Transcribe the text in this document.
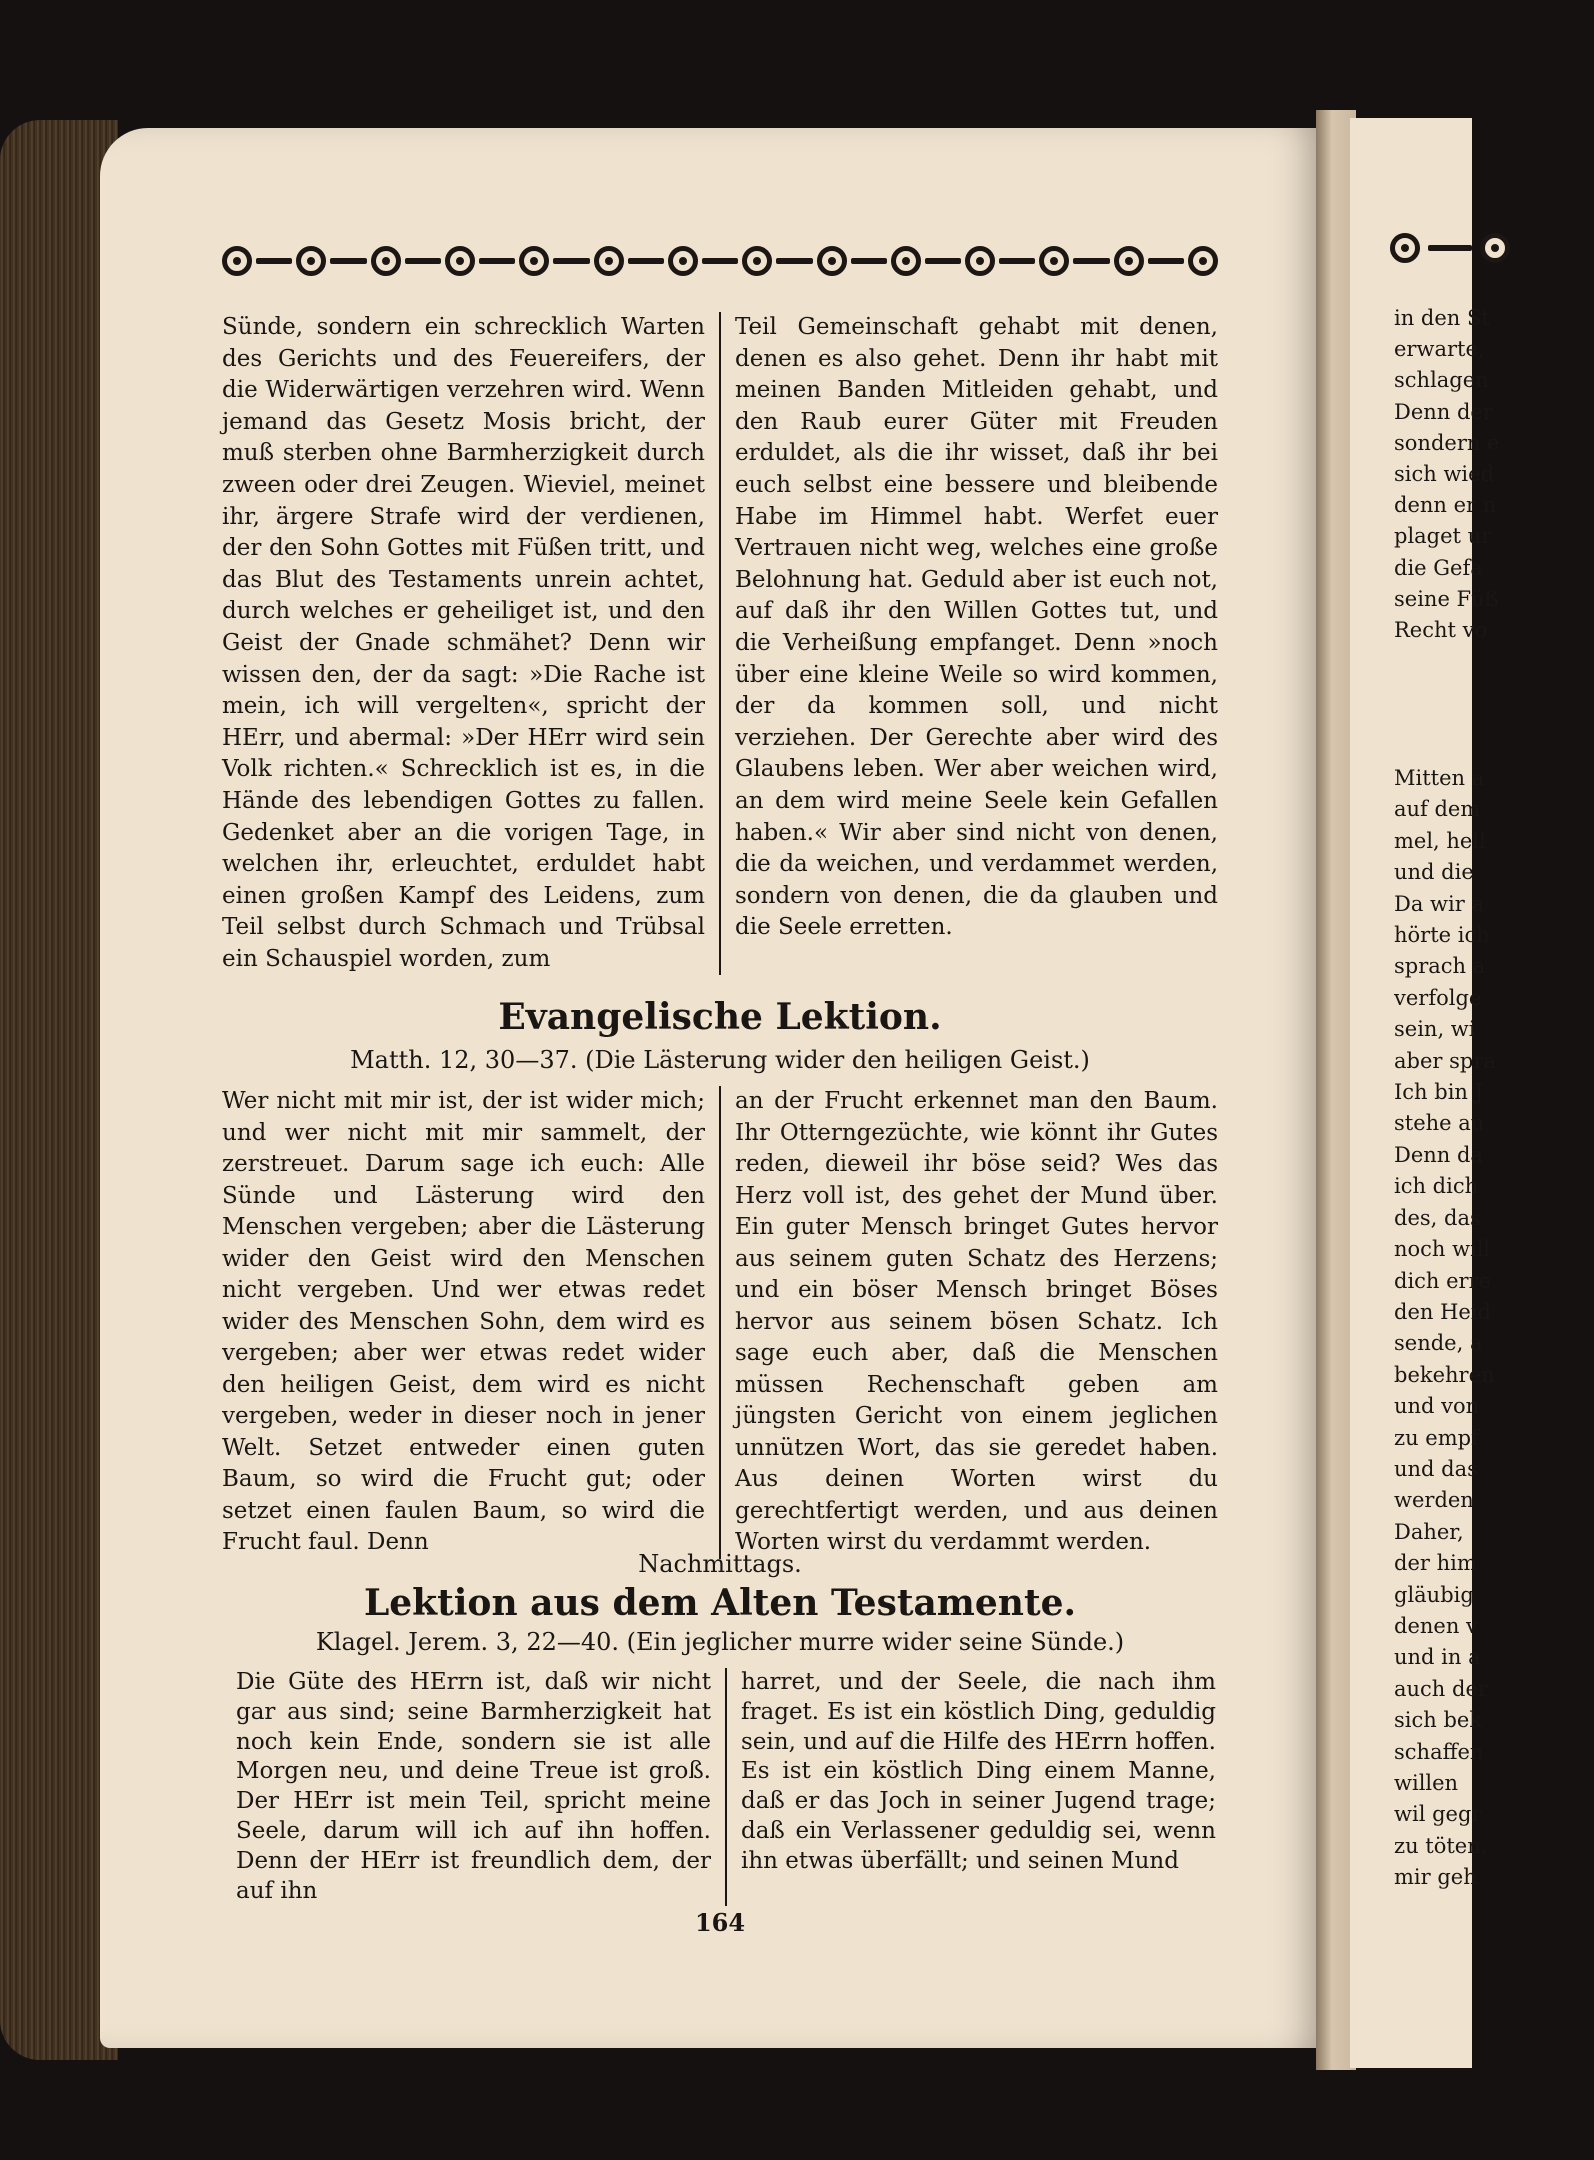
in den St
erwarte,
schlagen
Denn der
sondern e
sich wied
denn er n
plaget ur
die Gefa
seine Füß
Recht vo
Mitten a
auf dem
mel, hell
und die
Da wir a
hörte ich
sprach a
verfolge
sein, wi
aber spra
Ich bin J
stehe au
Denn da
ich dich
des, das
noch will
dich erre
den Heid
sende, a
bekehren
und von
zu empf
und das
werden
Daher,
der him
gläubig
denen v
und in a
auch der
sich bek
schaffen
willen
wil gegr
zu töten,
mir geh

Sünde, sondern ein schrecklich Warten des Gerichts und des Feuereifers, der die Widerwärtigen verzehren wird. Wenn jemand das Gesetz Mosis bricht, der muß sterben ohne Barmherzigkeit durch zween oder drei Zeugen. Wieviel, meinet ihr, ärgere Strafe wird der verdienen, der den Sohn Gottes mit Füßen tritt, und das Blut des Testaments unrein achtet, durch welches er geheiliget ist, und den Geist der Gnade schmähet? Denn wir wissen den, der da sagt: »Die Rache ist mein, ich will vergelten«, spricht der HErr, und abermal: »Der HErr wird sein Volk richten.« Schrecklich ist es, in die Hände des lebendigen Gottes zu fallen. Gedenket aber an die vorigen Tage, in welchen ihr, erleuchtet, erduldet habt einen großen Kampf des Leidens, zum Teil selbst durch Schmach und Trübsal ein Schauspiel worden, zum

Teil Gemeinschaft gehabt mit denen, denen es also gehet. Denn ihr habt mit meinen Banden Mitleiden gehabt, und den Raub eurer Güter mit Freuden erduldet, als die ihr wisset, daß ihr bei euch selbst eine bessere und bleibende Habe im Himmel habt. Werfet euer Vertrauen nicht weg, welches eine große Belohnung hat. Geduld aber ist euch not, auf daß ihr den Willen Gottes tut, und die Verheißung empfanget. Denn »noch über eine kleine Weile so wird kommen, der da kommen soll, und nicht verziehen. Der Gerechte aber wird des Glaubens leben. Wer aber weichen wird, an dem wird meine Seele kein Gefallen haben.« Wir aber sind nicht von denen, die da weichen, und verdammet werden, sondern von denen, die da glauben und die Seele erretten.

Evangelische Lektion.
Matth. 12, 30—37. (Die Lästerung wider den heiligen Geist.)

Wer nicht mit mir ist, der ist wider mich; und wer nicht mit mir sammelt, der zerstreuet. Darum sage ich euch: Alle Sünde und Lästerung wird den Menschen vergeben; aber die Lästerung wider den Geist wird den Menschen nicht vergeben. Und wer etwas redet wider des Menschen Sohn, dem wird es vergeben; aber wer etwas redet wider den heiligen Geist, dem wird es nicht vergeben, weder in dieser noch in jener Welt. Setzet entweder einen guten Baum, so wird die Frucht gut; oder setzet einen faulen Baum, so wird die Frucht faul. Denn

an der Frucht erkennet man den Baum. Ihr Otterngezüchte, wie könnt ihr Gutes reden, dieweil ihr böse seid? Wes das Herz voll ist, des gehet der Mund über. Ein guter Mensch bringet Gutes hervor aus seinem guten Schatz des Herzens; und ein böser Mensch bringet Böses hervor aus seinem bösen Schatz. Ich sage euch aber, daß die Menschen müssen Rechenschaft geben am jüngsten Gericht von einem jeglichen unnützen Wort, das sie geredet haben. Aus deinen Worten wirst du gerechtfertigt werden, und aus deinen Worten wirst du verdammt werden.

Nachmittags.
Lektion aus dem Alten Testamente.
Klagel. Jerem. 3, 22—40. (Ein jeglicher murre wider seine Sünde.)

Die Güte des HErrn ist, daß wir nicht gar aus sind; seine Barmherzigkeit hat noch kein Ende, sondern sie ist alle Morgen neu, und deine Treue ist groß. Der HErr ist mein Teil, spricht meine Seele, darum will ich auf ihn hoffen. Denn der HErr ist freundlich dem, der auf ihn

harret, und der Seele, die nach ihm fraget. Es ist ein köstlich Ding, geduldig sein, und auf die Hilfe des HErrn hoffen. Es ist ein köstlich Ding einem Manne, daß er das Joch in seiner Jugend trage; daß ein Verlassener geduldig sei, wenn ihn etwas überfällt; und seinen Mund

164
